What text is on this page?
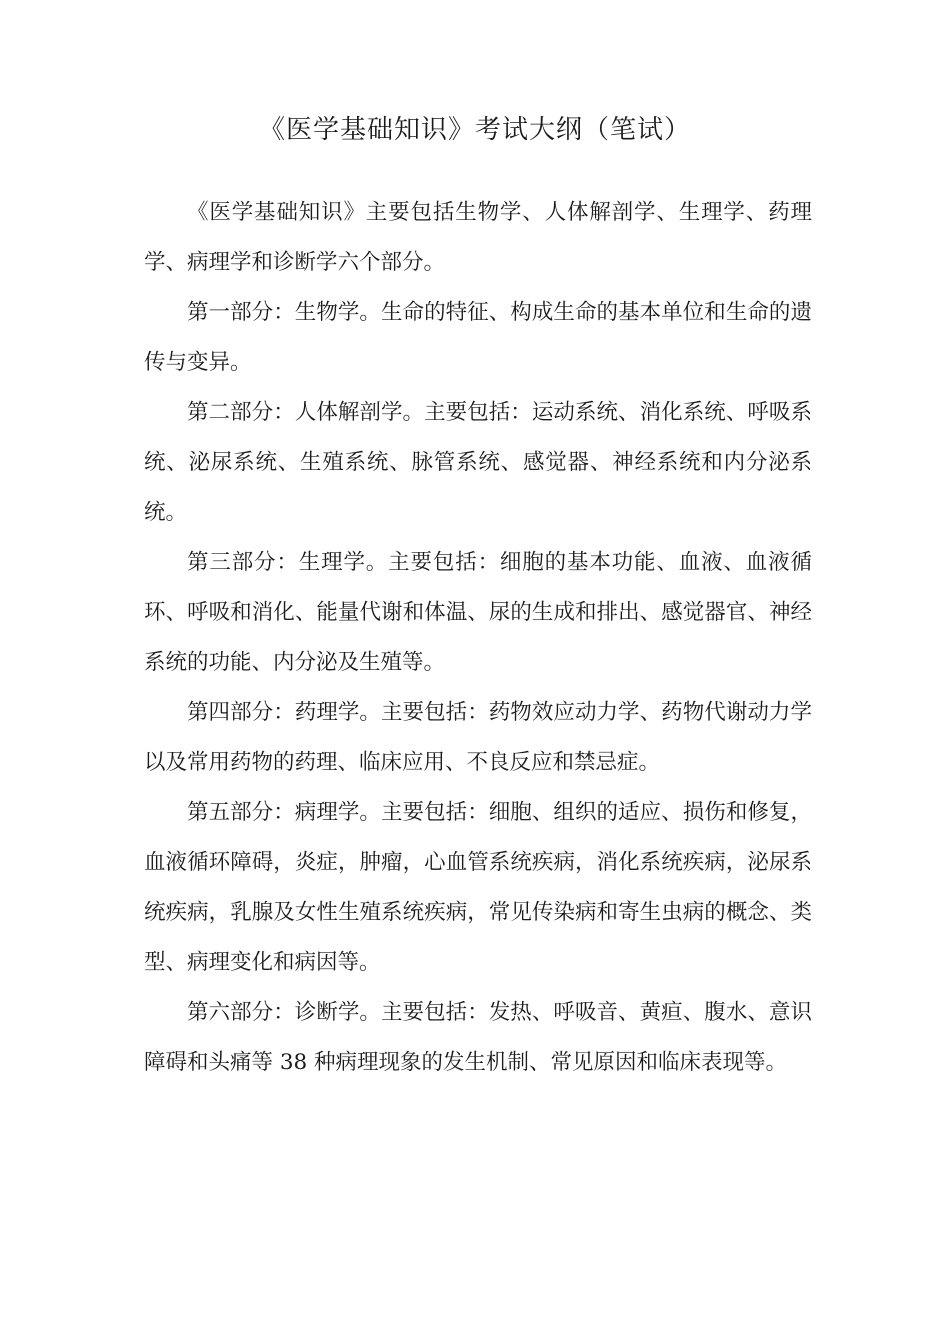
《医学基础知识》考试大纲（笔试）

《医学基础知识》主要包括生物学、人体解剖学、生理学、药理学、病理学和诊断学六个部分。

第一部分：生物学。生命的特征、构成生命的基本单位和生命的遗传与变异。

第二部分：人体解剖学。主要包括：运动系统、消化系统、呼吸系统、泌尿系统、生殖系统、脉管系统、感觉器、神经系统和内分泌系统。

第三部分：生理学。主要包括：细胞的基本功能、血液、血液循环、呼吸和消化、能量代谢和体温、尿的生成和排出、感觉器官、神经系统的功能、内分泌及生殖等。

第四部分：药理学。主要包括：药物效应动力学、药物代谢动力学以及常用药物的药理、临床应用、不良反应和禁忌症。

第五部分：病理学。主要包括：细胞、组织的适应、损伤和修复，血液循环障碍，炎症，肿瘤，心血管系统疾病，消化系统疾病，泌尿系统疾病，乳腺及女性生殖系统疾病，常见传染病和寄生虫病的概念、类型、病理变化和病因等。

第六部分：诊断学。主要包括：发热、呼吸音、黄疸、腹水、意识障碍和头痛等 38 种病理现象的发生机制、常见原因和临床表现等。
